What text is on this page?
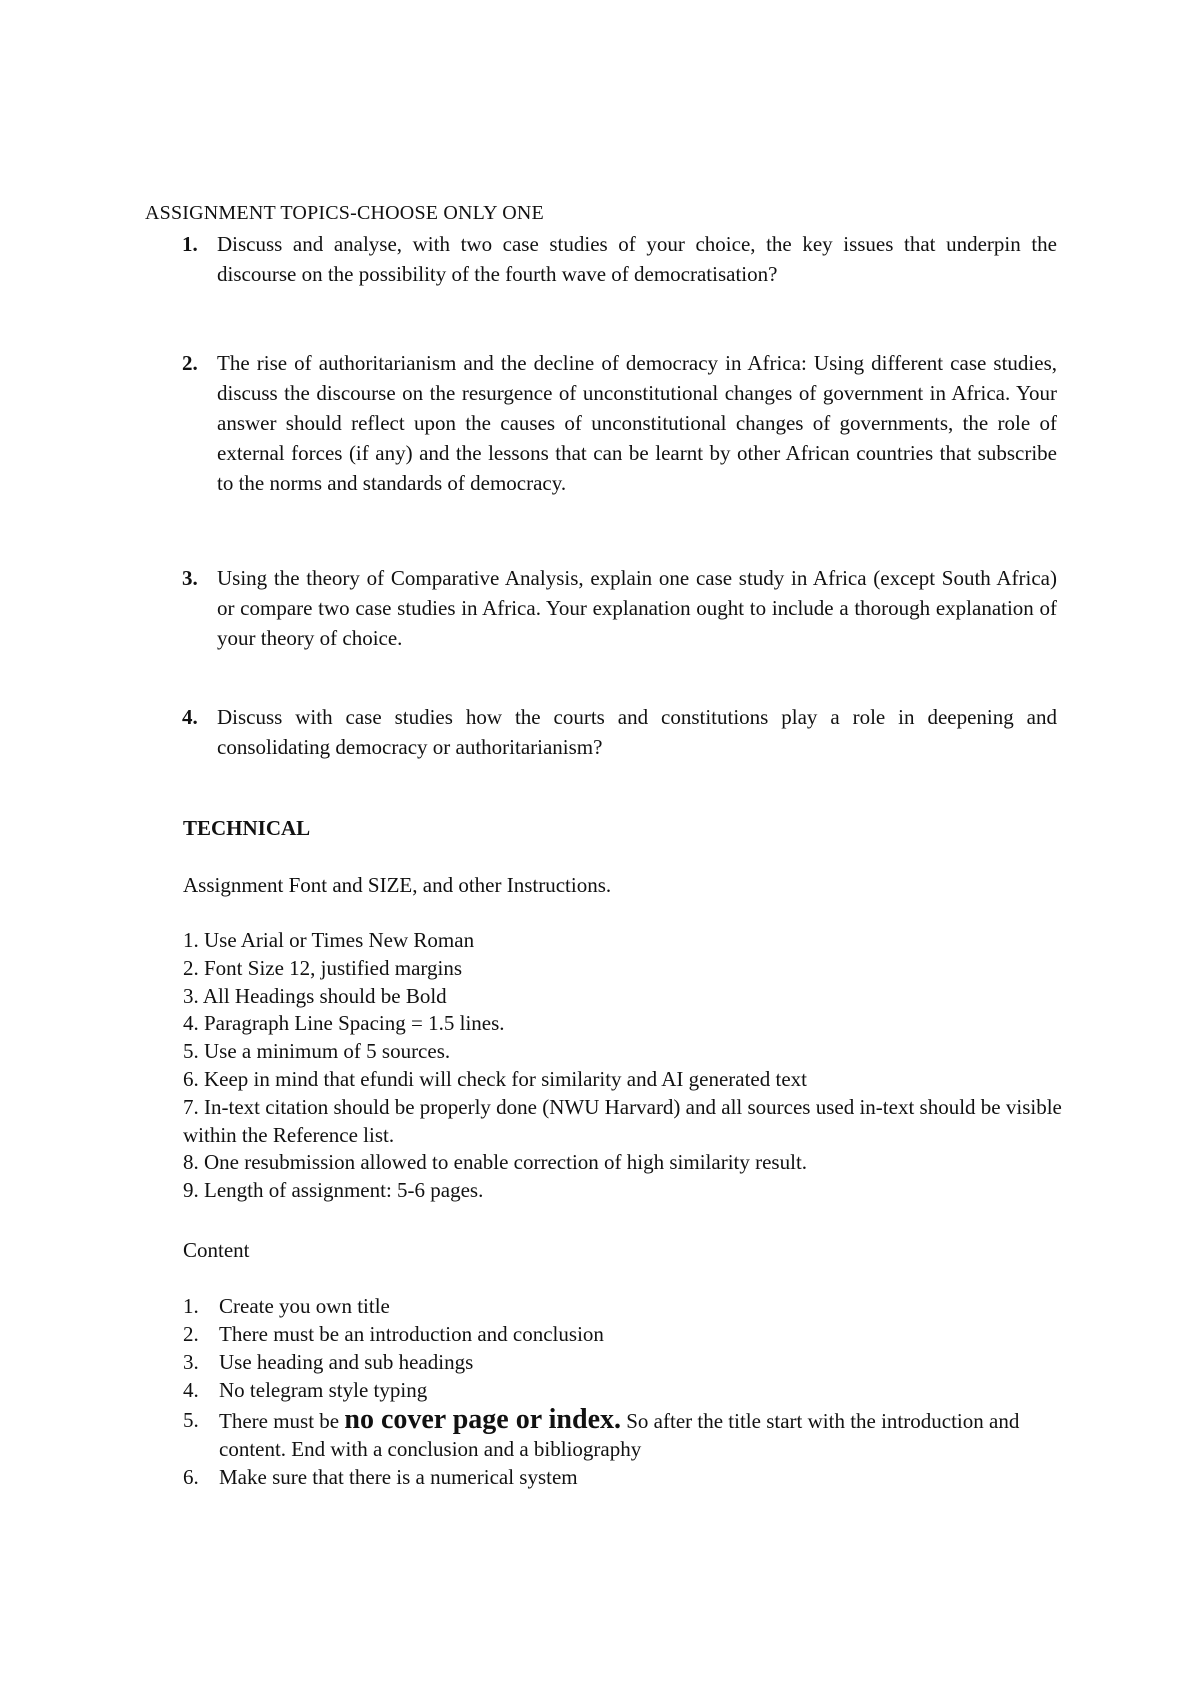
ASSIGNMENT TOPICS-CHOOSE ONLY ONE
1. Discuss and analyse, with two case studies of your choice, the key issues that underpin the discourse on the possibility of the fourth wave of democratisation?
2. The rise of authoritarianism and the decline of democracy in Africa: Using different case studies, discuss the discourse on the resurgence of unconstitutional changes of government in Africa. Your answer should reflect upon the causes of unconstitutional changes of governments, the role of external forces (if any) and the lessons that can be learnt by other African countries that subscribe to the norms and standards of democracy.
3. Using the theory of Comparative Analysis, explain one case study in Africa (except South Africa) or compare two case studies in Africa. Your explanation ought to include a thorough explanation of your theory of choice.
4. Discuss with case studies how the courts and constitutions play a role in deepening and consolidating democracy or authoritarianism?
TECHNICAL
Assignment Font and SIZE, and other Instructions.
1. Use Arial or Times New Roman
2. Font Size 12, justified margins
3. All Headings should be Bold
4. Paragraph Line Spacing = 1.5 lines.
5. Use a minimum of 5 sources.
6. Keep in mind that efundi will check for similarity and AI generated text
7. In-text citation should be properly done (NWU Harvard) and all sources used in-text should be visible within the Reference list.
8. One resubmission allowed to enable correction of high similarity result.
9. Length of assignment: 5-6 pages.
Content
1. Create you own title
2. There must be an introduction and conclusion
3. Use heading and sub headings
4. No telegram style typing
5. There must be no cover page or index. So after the title start with the introduction and content. End with a conclusion and a bibliography
6. Make sure that there is a numerical system
